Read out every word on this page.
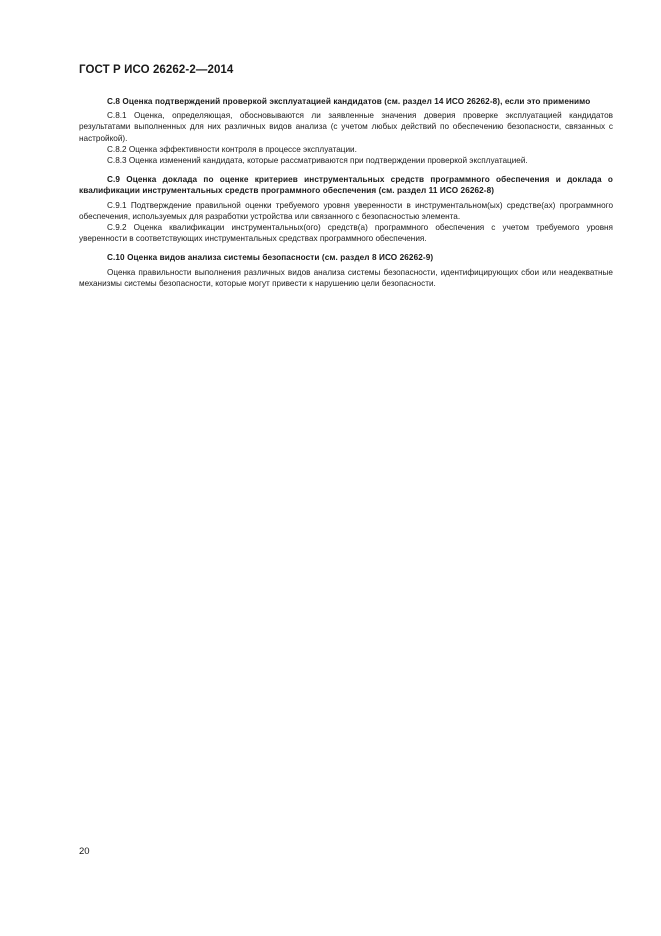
ГОСТ Р ИСО 26262-2—2014

С.8 Оценка подтверждений проверкой эксплуатацией кандидатов (см. раздел 14 ИСО 26262-8), если это применимо

С.8.1 Оценка, определяющая, обосновываются ли заявленные значения доверия проверке эксплуатацией кандидатов результатами выполненных для них различных видов анализа (с учетом любых действий по обеспечению безопасности, связанных с настройкой).

С.8.2 Оценка эффективности контроля в процессе эксплуатации.

С.8.3 Оценка изменений кандидата, которые рассматриваются при подтверждении проверкой эксплуатацией.

С.9 Оценка доклада по оценке критериев инструментальных средств программного обеспечения и доклада о квалификации инструментальных средств программного обеспечения (см. раздел 11 ИСО 26262-8)

С.9.1 Подтверждение правильной оценки требуемого уровня уверенности в инструментальном(ых) средстве(ах) программного обеспечения, используемых для разработки устройства или связанного с безопасностью элемента.

С.9.2 Оценка квалификации инструментальных(ого) средств(а) программного обеспечения с учетом требуемого уровня уверенности в соответствующих инструментальных средствах программного обеспечения.

С.10 Оценка видов анализа системы безопасности (см. раздел 8 ИСО 26262-9)

Оценка правильности выполнения различных видов анализа системы безопасности, идентифицирующих сбои или неадекватные механизмы системы безопасности, которые могут привести к нарушению цели безопасности.

20
